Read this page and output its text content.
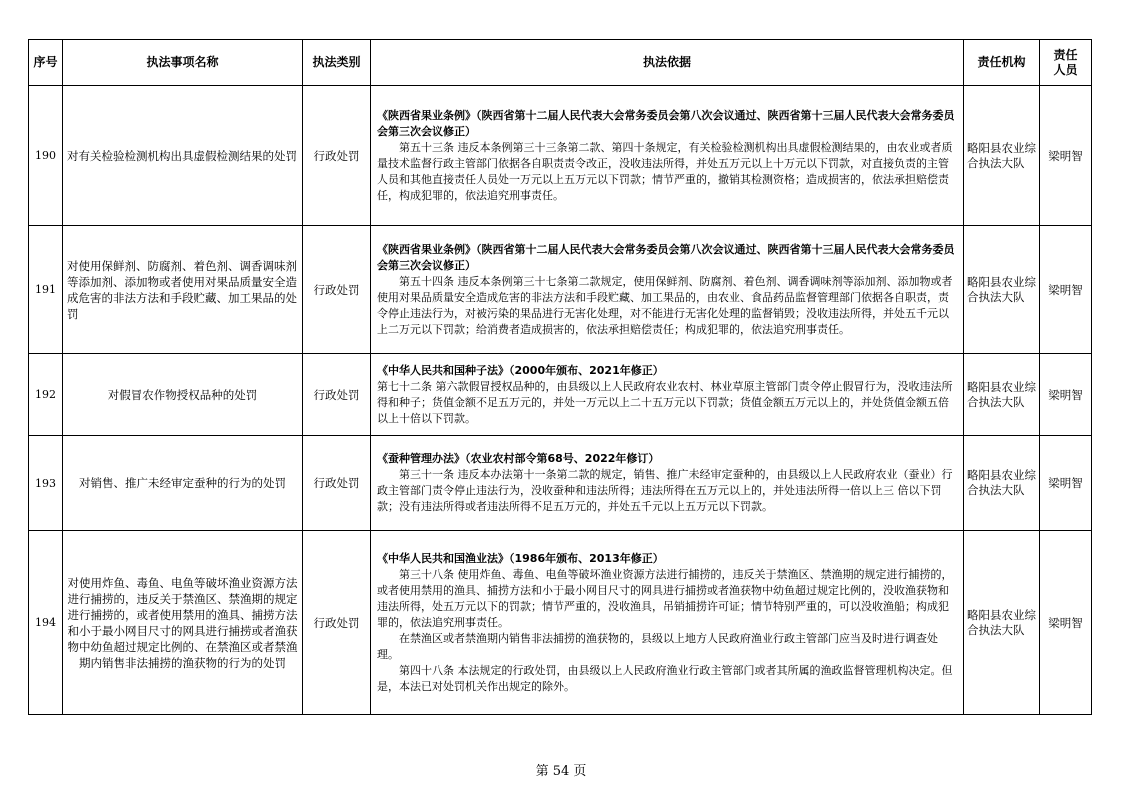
序号	执法事项名称	执法类别	执法依据	责任机构	责任人员
190	对有关检验检测机构出具虚假检测结果的处罚	行政处罚	《陕西省果业条例》（陕西省第十二届人民代表大会常务委员会第八次会议通过、陕西省第十三届人民代表大会常务委员会第三次会议修正）
第五十三条 违反本条例第三十三条第二款、第四十条规定，有关检验检测机构出具虚假检测结果的，由农业或者质量技术监督行政主管部门依据各自职责责令改正，没收违法所得，并处五万元以上十万元以下罚款，对直接负责的主管人员和其他直接责任人员处一万元以上五万元以下罚款；情节严重的，撤销其检测资格；造成损害的，依法承担赔偿责任，构成犯罪的，依法追究刑事责任。	略阳县农业综合执法大队	梁明智
191	对使用保鲜剂、防腐剂、着色剂、调香调味剂等添加剂、添加物或者使用对果品质量安全造成危害的非法方法和手段贮藏、加工果品的处罚	行政处罚	《陕西省果业条例》（陕西省第十二届人民代表大会常务委员会第八次会议通过、陕西省第十三届人民代表大会常务委员会第三次会议修正）
第五十四条 违反本条例第三十七条第二款规定，使用保鲜剂、防腐剂、着色剂、调香调味剂等添加剂、添加物或者使用对果品质量安全造成危害的非法方法和手段贮藏、加工果品的，由农业、食品药品监督管理部门依据各自职责，责令停止违法行为，对被污染的果品进行无害化处理，对不能进行无害化处理的监督销毁；没收违法所得，并处五千元以上二万元以下罚款；给消费者造成损害的，依法承担赔偿责任；构成犯罪的，依法追究刑事责任。	略阳县农业综合执法大队	梁明智
192	对假冒农作物授权品种的处罚	行政处罚	《中华人民共和国种子法》（2000年颁布、2021年修正）
第七十二条 第六款假冒授权品种的，由县级以上人民政府农业农村、林业草原主管部门责令停止假冒行为，没收违法所得和种子；货值金额不足五万元的，并处一万元以上二十五万元以下罚款；货值金额五万元以上的，并处货值金额五倍以上十倍以下罚款。	略阳县农业综合执法大队	梁明智
193	对销售、推广未经审定蚕种的行为的处罚	行政处罚	《蚕种管理办法》（农业农村部令第68号、2022年修订）
第三十一条 违反本办法第十一条第二款的规定，销售、推广未经审定蚕种的，由县级以上人民政府农业（蚕业）行政主管部门责令停止违法行为，没收蚕种和违法所得；违法所得在五万元以上的，并处违法所得一倍以上三 倍以下罚款；没有违法所得或者违法所得不足五万元的，并处五千元以上五万元以下罚款。	略阳县农业综合执法大队	梁明智
194	对使用炸鱼、毒鱼、电鱼等破坏渔业资源方法进行捕捞的，违反关于禁渔区、禁渔期的规定进行捕捞的，或者使用禁用的渔具、捕捞方法和小于最小网目尺寸的网具进行捕捞或者渔获物中幼鱼超过规定比例的、在禁渔区或者禁渔期内销售非法捕捞的渔获物的行为的处罚	行政处罚	《中华人民共和国渔业法》（1986年颁布、2013年修正）
第三十八条 使用炸鱼、毒鱼、电鱼等破坏渔业资源方法进行捕捞的，违反关于禁渔区、禁渔期的规定进行捕捞的，或者使用禁用的渔具、捕捞方法和小于最小网目尺寸的网具进行捕捞或者渔获物中幼鱼超过规定比例的，没收渔获物和违法所得，处五万元以下的罚款；情节严重的，没收渔具，吊销捕捞许可证；情节特别严重的，可以没收渔船；构成犯罪的，依法追究刑事责任。
在禁渔区或者禁渔期内销售非法捕捞的渔获物的，县级以上地方人民政府渔业行政主管部门应当及时进行调查处理。
第四十八条 本法规定的行政处罚，由县级以上人民政府渔业行政主管部门或者其所属的渔政监督管理机构决定。但是，本法已对处罚机关作出规定的除外。	略阳县农业综合执法大队	梁明智
第 54 页
